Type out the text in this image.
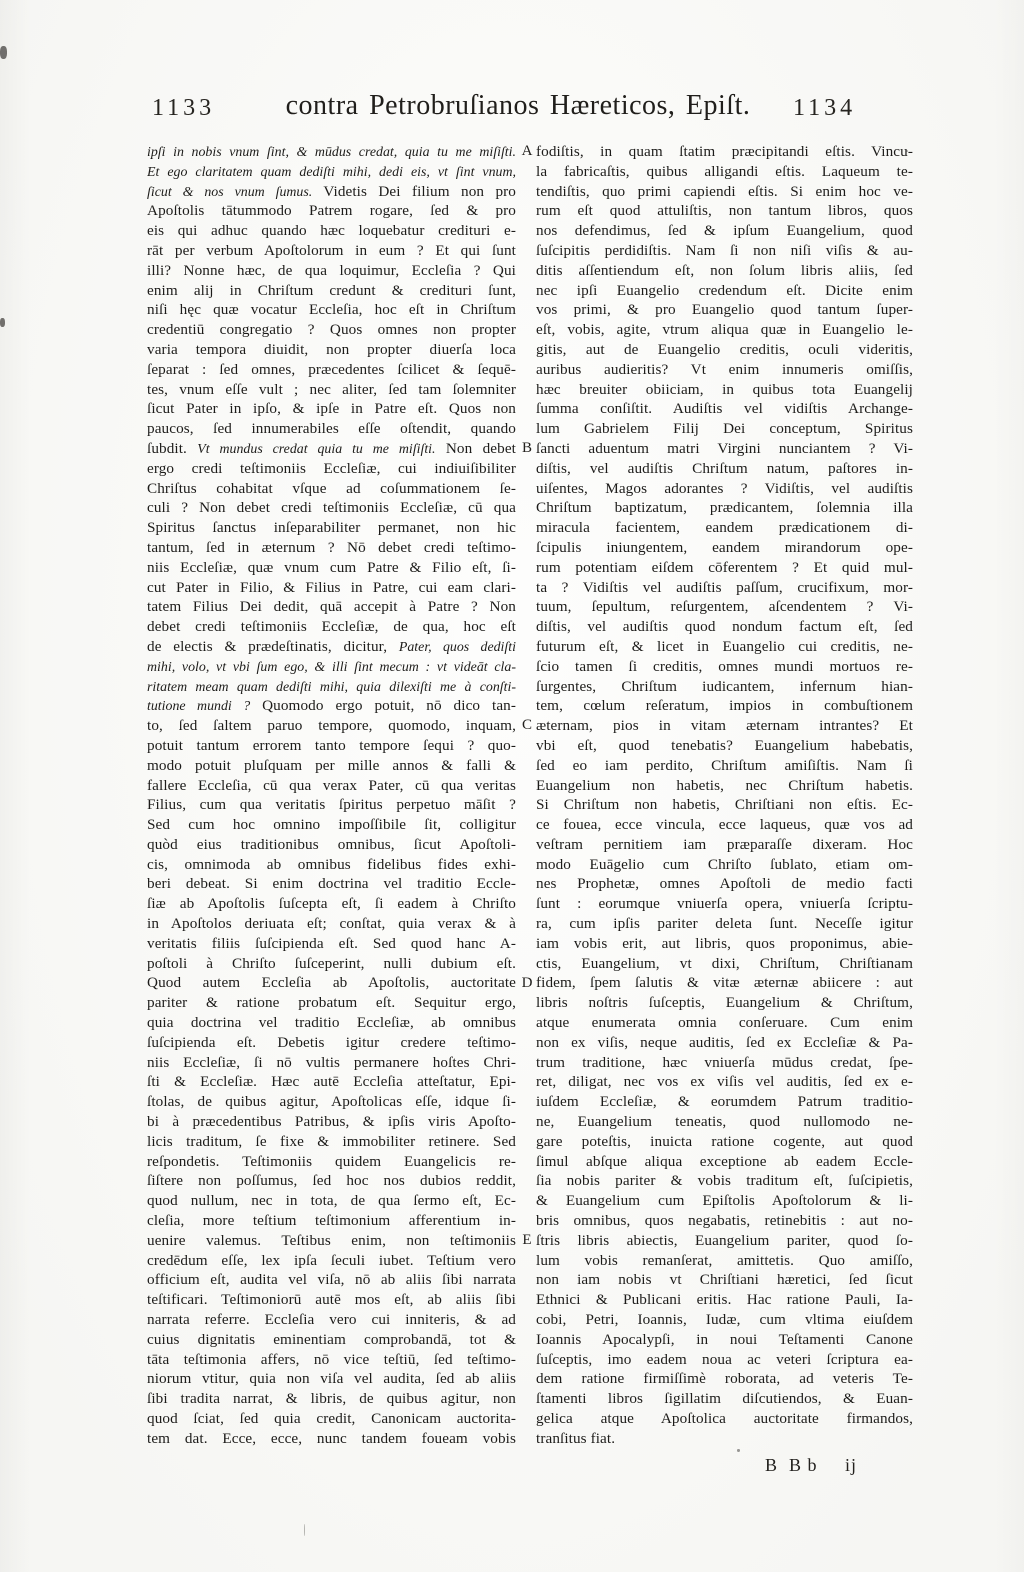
1133	contra Petrobruſianos Hæreticos, Epiſt.	1134
ipſi in nobis vnum ſint, & mūdus credat, quia tu me miſiſti.
Et ego claritatem quam dediſti mihi, dedi eis, vt ſint vnum,
ſicut & nos vnum ſumus. Videtis Dei filium non pro
Apoſtolis tātummodo Patrem rogare, ſed & pro
eis qui adhuc quando hæc loquebatur credituri e-
rāt per verbum Apoſtolorum in eum ? Et qui ſunt
illi? Nonne hæc, de qua loquimur, Eccleſia ? Qui
enim alij in Chriſtum credunt & credituri ſunt,
niſi hęc quæ vocatur Eccleſia, hoc eſt in Chriſtum
credentiū congregatio ? Quos omnes non propter
varia tempora diuidit, non propter diuerſa loca
ſeparat : ſed omnes, præcedentes ſcilicet & ſequē-
tes, vnum eſſe vult ; nec aliter, ſed tam ſolemniter
ſicut Pater in ipſo, & ipſe in Patre eſt. Quos non
paucos, ſed innumerabiles eſſe oſtendit, quando
ſubdit. Vt mundus credat quia tu me miſiſti. Non debet
ergo credi teſtimoniis Eccleſiæ, cui indiuiſibiliter
Chriſtus cohabitat vſque ad coſummationem ſe-
culi ? Non debet credi teſtimoniis Eccleſiæ, cū qua
Spiritus ſanctus inſeparabiliter permanet, non hic
tantum, ſed in æternum ? Nō debet credi teſtimo-
niis Eccleſiæ, quæ vnum cum Patre & Filio eſt, ſi-
cut Pater in Filio, & Filius in Patre, cui eam clari-
tatem Filius Dei dedit, quā accepit à Patre ? Non
debet credi teſtimoniis Eccleſiæ, de qua, hoc eſt
de electis & prædeſtinatis, dicitur, Pater, quos dediſti
mihi, volo, vt vbi ſum ego, & illi ſint mecum : vt videāt cla-
ritatem meam quam dediſti mihi, quia dilexiſti me à conſti-
tutione mundi ? Quomodo ergo potuit, nō dico tan-
to, ſed ſaltem paruo tempore, quomodo, inquam,
potuit tantum errorem tanto tempore ſequi ? quo-
modo potuit pluſquam per mille annos & falli &
fallere Eccleſia, cū qua verax Pater, cū qua veritas
Filius, cum qua veritatis ſpiritus perpetuo māſit ?
Sed cum hoc omnino impoſſibile ſit, colligitur
quòd eius traditionibus omnibus, ſicut Apoſtoli-
cis, omnimoda ab omnibus fidelibus fides exhi-
beri debeat. Si enim doctrina vel traditio Eccle-
ſiæ ab Apoſtolis ſuſcepta eſt, ſi eadem à Chriſto
in Apoſtolos deriuata eſt; conſtat, quia verax & à
veritatis filiis ſuſcipienda eſt. Sed quod hanc A-
poſtoli à Chriſto ſuſceperint, nulli dubium eſt.
Quod autem Eccleſia ab Apoſtolis, auctoritate
pariter & ratione probatum eſt. Sequitur ergo,
quia doctrina vel traditio Eccleſiæ, ab omnibus
ſuſcipienda eſt. Debetis igitur credere teſtimo-
niis Eccleſiæ, ſi nō vultis permanere hoſtes Chri-
ſti & Eccleſiæ. Hæc autē Eccleſia atteſtatur, Epi-
ſtolas, de quibus agitur, Apoſtolicas eſſe, idque ſi-
bi à præcedentibus Patribus, & ipſis viris Apoſto-
licis traditum, ſe fixe & immobiliter retinere. Sed
reſpondetis. Teſtimoniis quidem Euangelicis re-
ſiſtere non poſſumus, ſed hoc nos dubios reddit,
quod nullum, nec in tota, de qua ſermo eſt, Ec-
cleſia, more teſtium teſtimonium afferentium in-
uenire valemus. Teſtibus enim, non teſtimoniis
credēdum eſſe, lex ipſa ſeculi iubet. Teſtium vero
officium eſt, audita vel viſa, nō ab aliis ſibi narrata
teſtificari. Teſtimoniorū autē mos eſt, ab aliis ſibi
narrata referre. Eccleſia vero cui inniteris, & ad
cuius dignitatis eminentiam comprobandā, tot &
tāta teſtimonia affers, nō vice teſtiū, ſed teſtimo-
niorum vtitur, quia non viſa vel audita, ſed ab aliis
ſibi tradita narrat, & libris, de quibus agitur, non
quod ſciat, ſed quia credit, Canonicam auctorita-
tem dat. Ecce, ecce, nunc tandem foueam vobis
A
B
C
D
E
fodiſtis, in quam ſtatim præcipitandi eſtis. Vincu-
la fabricaſtis, quibus alligandi eſtis. Laqueum te-
tendiſtis, quo primi capiendi eſtis. Si enim hoc ve-
rum eſt quod attuliſtis, non tantum libros, quos
nos defendimus, ſed & ipſum Euangelium, quod
ſuſcipitis perdidiſtis. Nam ſi non niſi viſis & au-
ditis aſſentiendum eſt, non ſolum libris aliis, ſed
nec ipſi Euangelio credendum eſt. Dicite enim
vos primi, & pro Euangelio quod tantum ſuper-
eſt, vobis, agite, vtrum aliqua quæ in Euangelio le-
gitis, aut de Euangelio creditis, oculi videritis,
auribus audieritis? Vt enim innumeris omiſſis,
hæc breuiter obiiciam, in quibus tota Euangelij
ſumma conſiſtit. Audiſtis vel vidiſtis Archange-
lum Gabrielem Filij Dei conceptum, Spiritus
ſancti aduentum matri Virgini nunciantem ? Vi-
diſtis, vel audiſtis Chriſtum natum, paſtores in-
uiſentes, Magos adorantes ? Vidiſtis, vel audiſtis
Chriſtum baptizatum, prædicantem, ſolemnia illa
miracula facientem, eandem prædicationem di-
ſcipulis iniungentem, eandem mirandorum ope-
rum potentiam eiſdem cōferentem ? Et quid mul-
ta ? Vidiſtis vel audiſtis paſſum, crucifixum, mor-
tuum, ſepultum, reſurgentem, aſcendentem ? Vi-
diſtis, vel audiſtis quod nondum factum eſt, ſed
futurum eſt, & licet in Euangelio cui creditis, ne-
ſcio tamen ſi creditis, omnes mundi mortuos re-
ſurgentes, Chriſtum iudicantem, infernum hian-
tem, cœlum reſeratum, impios in combuſtionem
æternam, pios in vitam æternam intrantes? Et
vbi eſt, quod tenebatis? Euangelium habebatis,
ſed eo iam perdito, Chriſtum amiſiſtis. Nam ſi
Euangelium non habetis, nec Chriſtum habetis.
Si Chriſtum non habetis, Chriſtiani non eſtis. Ec-
ce fouea, ecce vincula, ecce laqueus, quæ vos ad
veſtram pernitiem iam præparaſſe dixeram. Hoc
modo Euāgelio cum Chriſto ſublato, etiam om-
nes Prophetæ, omnes Apoſtoli de medio facti
ſunt : eorumque vniuerſa opera, vniuerſa ſcriptu-
ra, cum ipſis pariter deleta ſunt. Neceſſe igitur
iam vobis erit, aut libris, quos proponimus, abie-
ctis, Euangelium, vt dixi, Chriſtum, Chriſtianam
fidem, ſpem ſalutis & vitæ æternæ abiicere : aut
libris noſtris ſuſceptis, Euangelium & Chriſtum,
atque enumerata omnia conſeruare. Cum enim
non ex viſis, neque auditis, ſed ex Eccleſiæ & Pa-
trum traditione, hæc vniuerſa mūdus credat, ſpe-
ret, diligat, nec vos ex viſis vel auditis, ſed ex e-
iuſdem Eccleſiæ, & eorumdem Patrum traditio-
ne, Euangelium teneatis, quod nullomodo ne-
gare poteſtis, inuicta ratione cogente, aut quod
ſimul abſque aliqua exceptione ab eadem Eccle-
ſia nobis pariter & vobis traditum eſt, ſuſcipietis,
& Euangelium cum Epiſtolis Apoſtolorum & li-
bris omnibus, quos negabatis, retinebitis : aut no-
ſtris libris abiectis, Euangelium pariter, quod ſo-
lum vobis remanſerat, amittetis. Quo amiſſo,
non iam nobis vt Chriſtiani hæretici, ſed ſicut
Ethnici & Publicani eritis. Hac ratione Pauli, Ia-
cobi, Petri, Ioannis, Iudæ, cum vltima eiuſdem
Ioannis Apocalypſi, in noui Teſtamenti Canone
ſuſceptis, imo eadem noua ac veteri ſcriptura ea-
dem ratione firmiſſimè roborata, ad veteris Te-
ſtamenti libros ſigillatim diſcutiendos, & Euan-
gelica atque Apoſtolica auctoritate firmandos,
tranſitus fiat.
B  B b     ij
